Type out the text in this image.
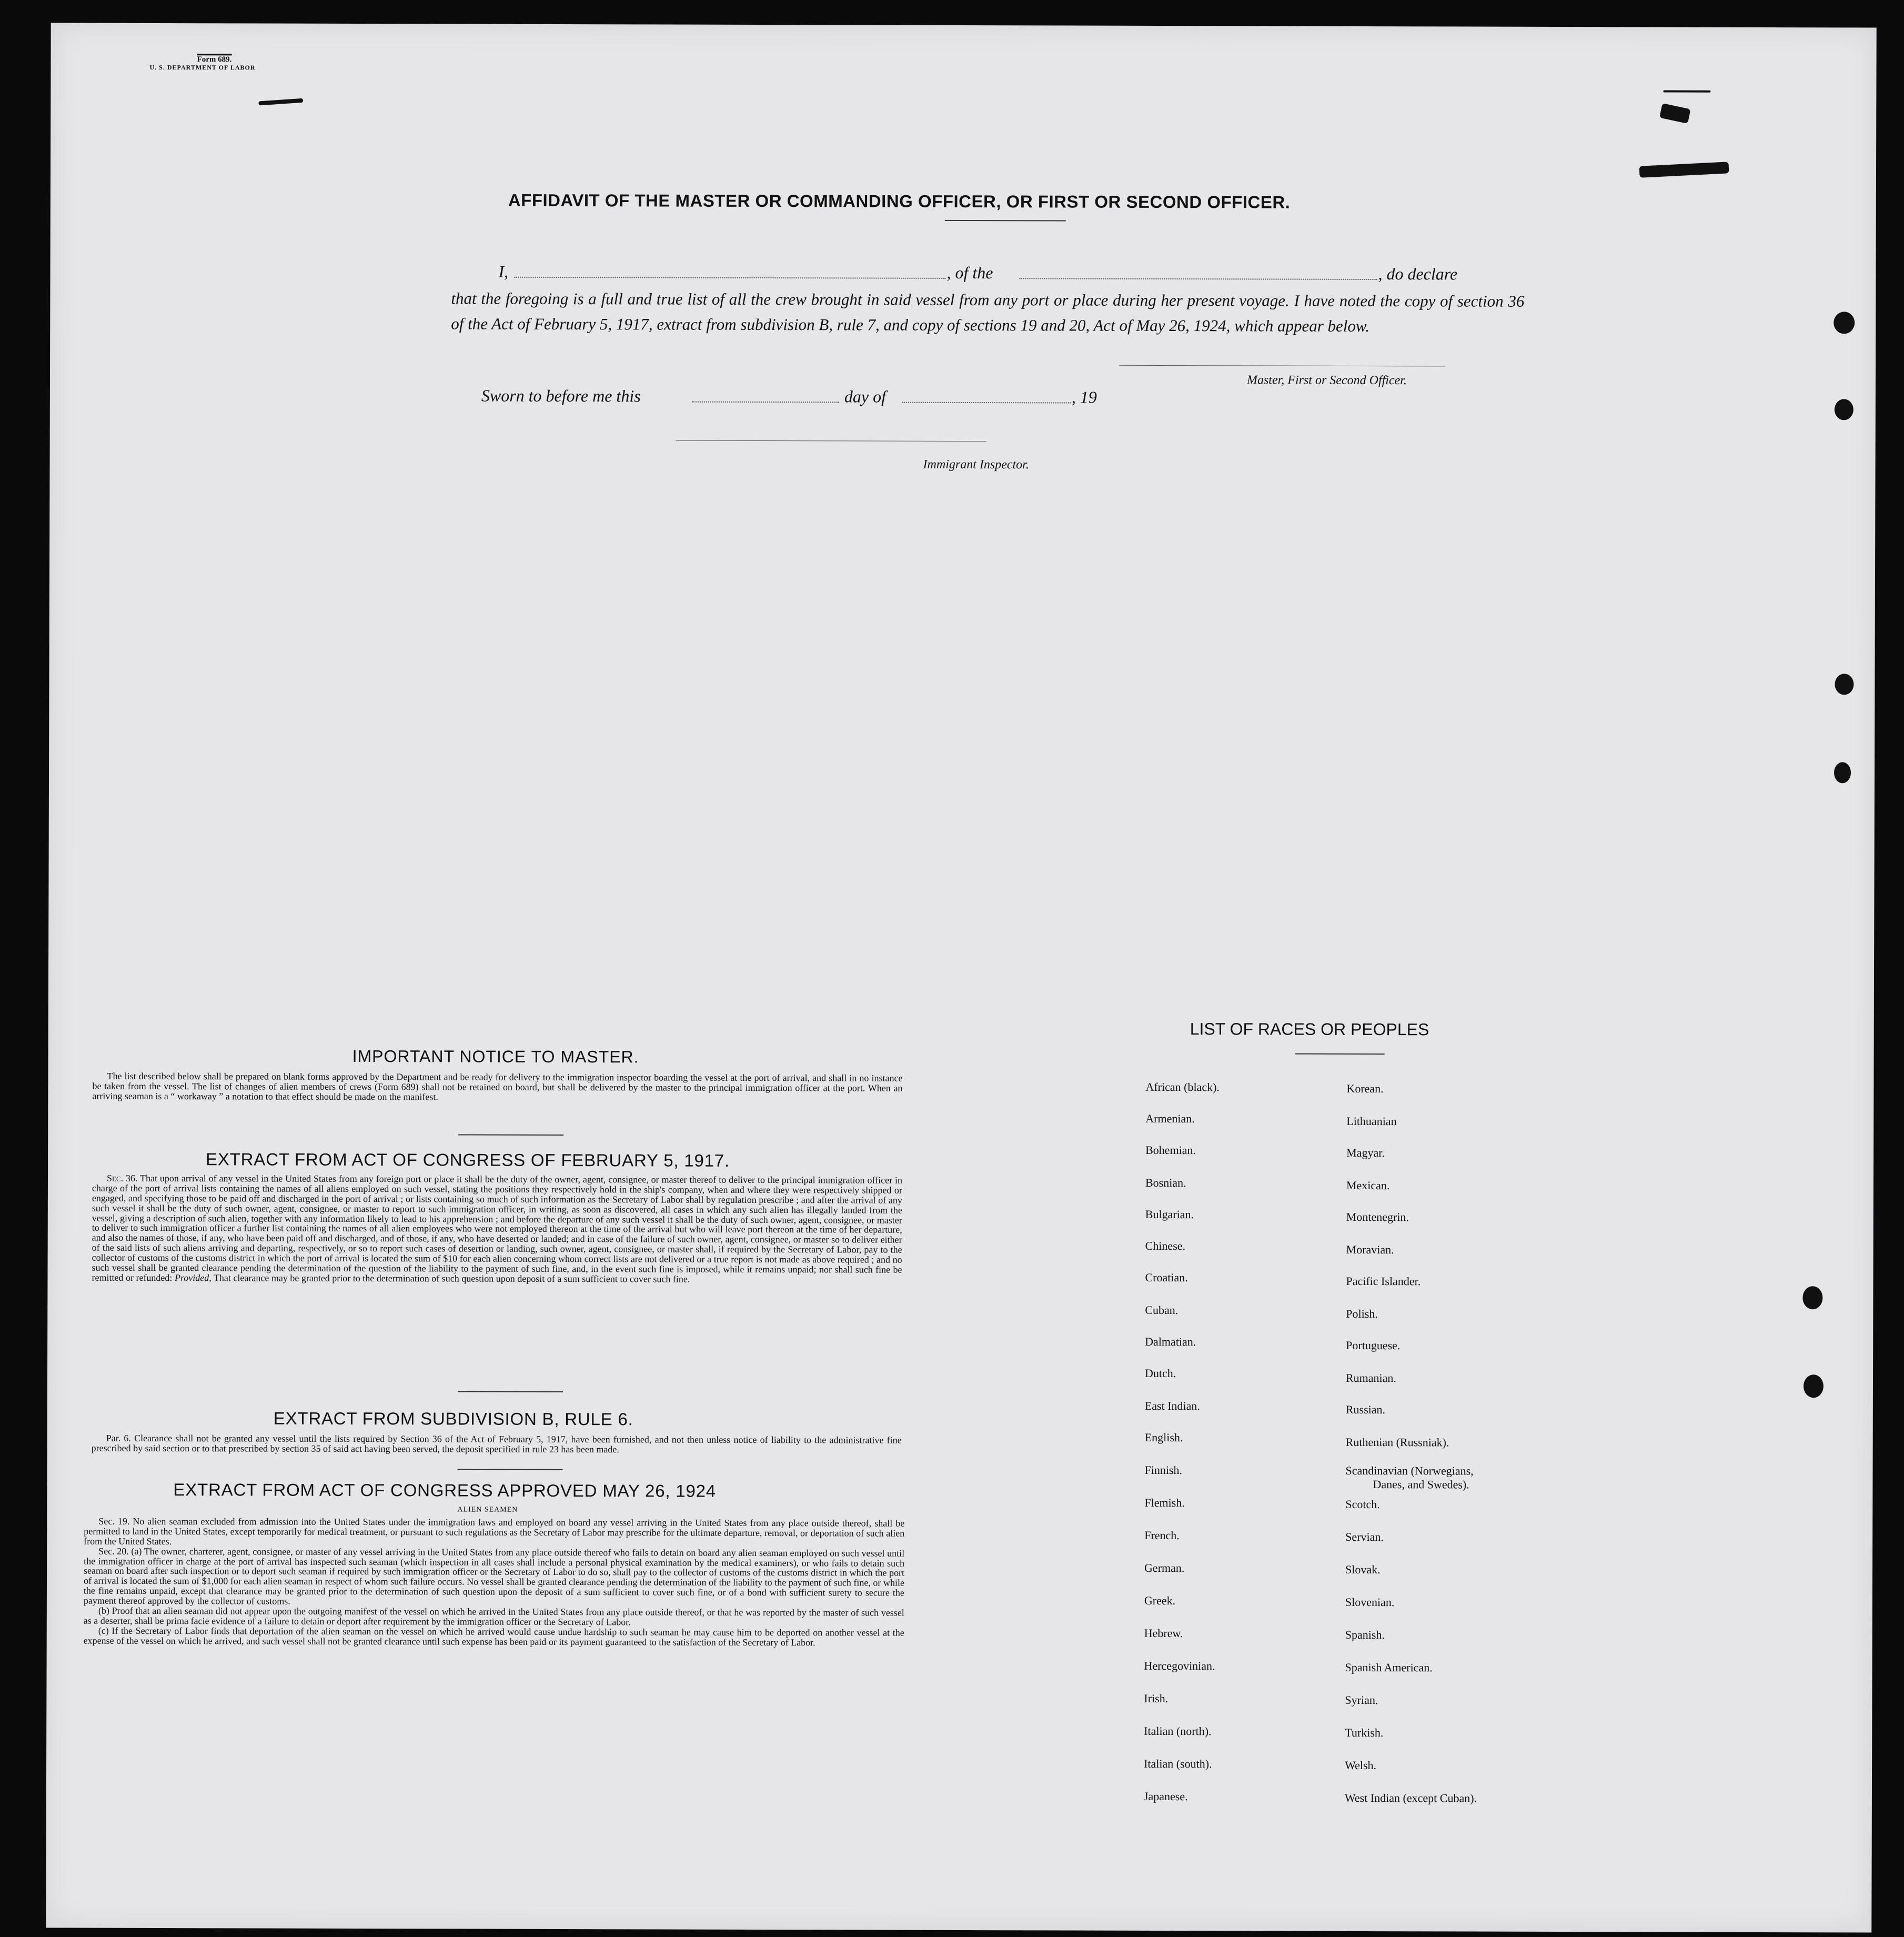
Form 689.

U. S. DEPARTMENT OF LABOR
AFFIDAVIT OF THE MASTER OR COMMANDING OFFICER, OR FIRST OR SECOND OFFICER.
I,	, of the	, do declare
that the foregoing is a full and true list of all the crew brought in said vessel from any port or place during her present voyage. I have noted the copy of section 36 of the Act of February 5, 1917, extract from subdivision B, rule 7, and copy of sections 19 and 20, Act of May 26, 1924, which appear below.
Master, First or Second Officer.
Sworn to before me this	day of	, 19
Immigrant Inspector.
IMPORTANT NOTICE TO MASTER.
The list described below shall be prepared on blank forms approved by the Department and be ready for delivery to the immigration inspector boarding the vessel at the port of arrival, and shall in no instance be taken from the vessel. The list of changes of alien members of crews (Form 689) shall not be retained on board, but shall be delivered by the master to the principal immigration officer at the port. When an arriving seaman is a “ workaway ” a notation to that effect should be made on the manifest.
EXTRACT FROM ACT OF CONGRESS OF FEBRUARY 5, 1917.
Sec. 36. That upon arrival of any vessel in the United States from any foreign port or place it shall be the duty of the owner, agent, consignee, or master thereof to deliver to the principal immigration officer in charge of the port of arrival lists containing the names of all aliens employed on such vessel, stating the positions they respectively hold in the ship's company, when and where they were respectively shipped or engaged, and specifying those to be paid off and discharged in the port of arrival ; or lists containing so much of such information as the Secretary of Labor shall by regulation prescribe ; and after the arrival of any such vessel it shall be the duty of such owner, agent, consignee, or master to report to such immigration officer, in writing, as soon as discovered, all cases in which any such alien has illegally landed from the vessel, giving a description of such alien, together with any information likely to lead to his apprehension ; and before the departure of any such vessel it shall be the duty of such owner, agent, consignee, or master to deliver to such immigration officer a further list containing the names of all alien employees who were not employed thereon at the time of the arrival but who will leave port thereon at the time of her departure, and also the names of those, if any, who have been paid off and discharged, and of those, if any, who have deserted or landed; and in case of the failure of such owner, agent, consignee, or master so to deliver either of the said lists of such aliens arriving and departing, respectively, or so to report such cases of desertion or landing, such owner, agent, consignee, or master shall, if required by the Secretary of Labor, pay to the collector of customs of the customs district in which the port of arrival is located the sum of $10 for each alien concerning whom correct lists are not delivered or a true report is not made as above required ; and no such vessel shall be granted clearance pending the determination of the question of the liability to the payment of such fine, and, in the event such fine is imposed, while it remains unpaid; nor shall such fine be remitted or refunded: Provided, That clearance may be granted prior to the determination of such question upon deposit of a sum sufficient to cover such fine.
EXTRACT FROM SUBDIVISION B, RULE 6.
Par. 6. Clearance shall not be granted any vessel until the lists required by Section 36 of the Act of February 5, 1917, have been furnished, and not then unless notice of liability to the administrative fine prescribed by said section or to that prescribed by section 35 of said act having been served, the deposit specified in rule 23 has been made.
EXTRACT FROM ACT OF CONGRESS APPROVED MAY 26, 1924
ALIEN SEAMEN
Sec. 19. No alien seaman excluded from admission into the United States under the immigration laws and employed on board any vessel arriving in the United States from any place outside thereof, shall be permitted to land in the United States, except temporarily for medical treatment, or pursuant to such regulations as the Secretary of Labor may prescribe for the ultimate departure, removal, or deportation of such alien from the United States.
Sec. 20. (a) The owner, charterer, agent, consignee, or master of any vessel arriving in the United States from any place outside thereof who fails to detain on board any alien seaman employed on such vessel until the immigration officer in charge at the port of arrival has inspected such seaman (which inspection in all cases shall include a personal physical examination by the medical examiners), or who fails to detain such seaman on board after such inspection or to deport such seaman if required by such immigration officer or the Secretary of Labor to do so, shall pay to the collector of customs of the customs district in which the port of arrival is located the sum of $1,000 for each alien seaman in respect of whom such failure occurs. No vessel shall be granted clearance pending the determination of the liability to the payment of such fine, or while the fine remains unpaid, except that clearance may be granted prior to the determination of such question upon the deposit of a sum sufficient to cover such fine, or of a bond with sufficient surety to secure the payment thereof approved by the collector of customs.
(b) Proof that an alien seaman did not appear upon the outgoing manifest of the vessel on which he arrived in the United States from any place outside thereof, or that he was reported by the master of such vessel as a deserter, shall be prima facie evidence of a failure to detain or deport after requirement by the immigration officer or the Secretary of Labor.
(c) If the Secretary of Labor finds that deportation of the alien seaman on the vessel on which he arrived would cause undue hardship to such seaman he may cause him to be deported on another vessel at the expense of the vessel on which he arrived, and such vessel shall not be granted clearance until such expense has been paid or its payment guaranteed to the satisfaction of the Secretary of Labor.
LIST OF RACES OR PEOPLES
African (black).
Armenian.
Bohemian.
Bosnian.
Bulgarian.
Chinese.
Croatian.
Cuban.
Dalmatian.
Dutch.
East Indian.
English.
Finnish.
Flemish.
French.
German.
Greek.
Hebrew.
Hercegovinian.
Irish.
Italian (north).
Italian (south).
Japanese.
Korean.
Lithuanian
Magyar.
Mexican.
Montenegrin.
Moravian.
Pacific Islander.
Polish.
Portuguese.
Rumanian.
Russian.
Ruthenian (Russniak).
Scandinavian (Norwegians,
Danes, and Swedes).
Scotch.
Servian.
Slovak.
Slovenian.
Spanish.
Spanish American.
Syrian.
Turkish.
Welsh.
West Indian (except Cuban).
